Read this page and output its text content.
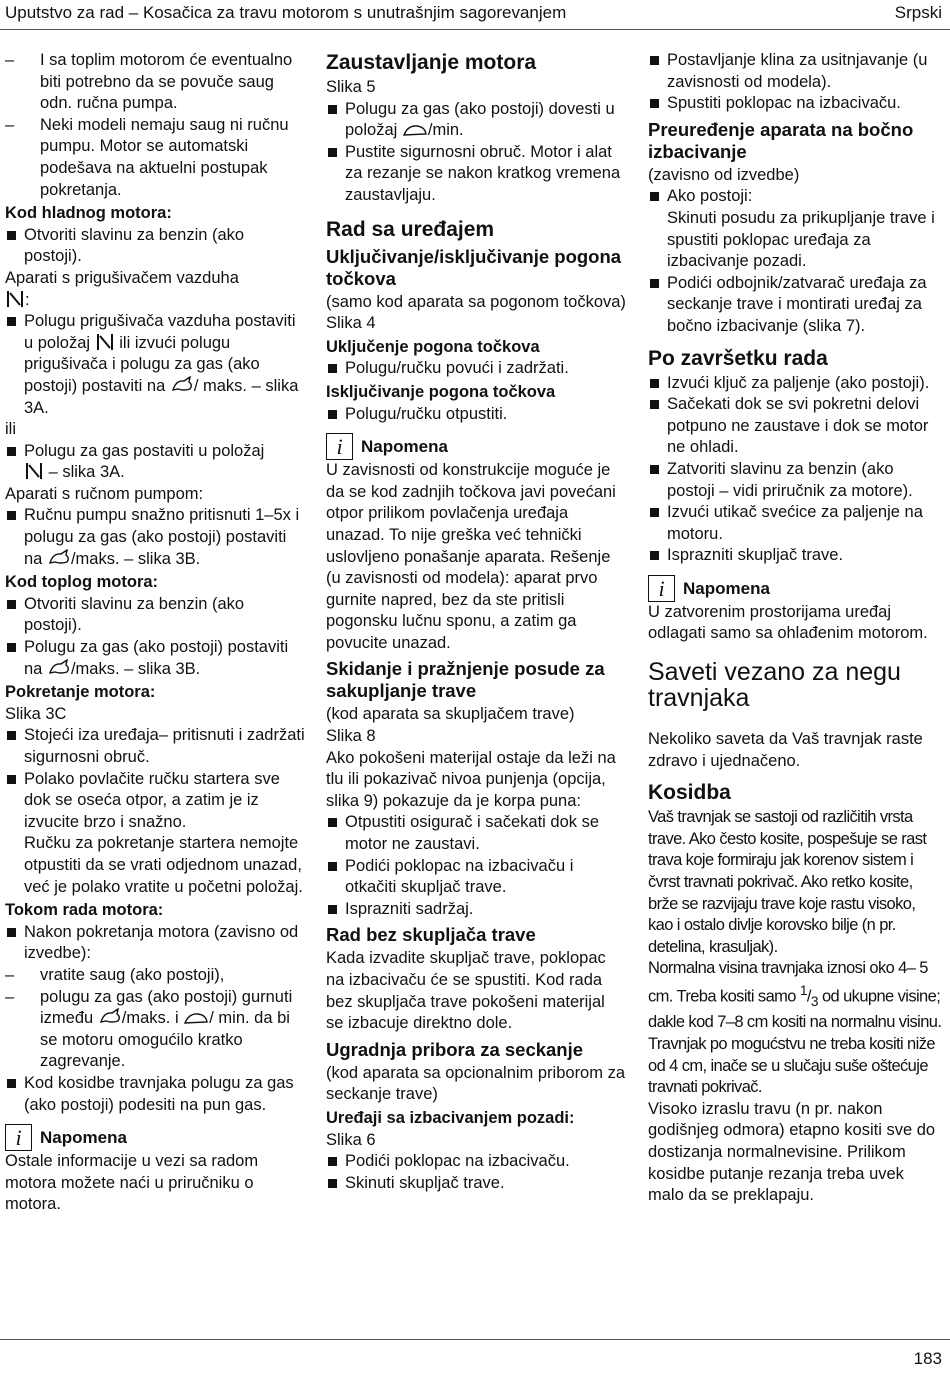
Uputstvo za rad – Kosačica za travu motorom s unutrašnjim sagorevanjem	Srpski

– I sa toplim motorom će eventualno biti potrebno da se povuče saug odn. ručna pumpa.

– Neki modeli nemaju saug ni ručnu pumpu. Motor se automatski podešava na aktuelni postupak pokretanja.

Kod hladnog motora:

Otvoriti slavinu za benzin (ako postoji).

Aparati s prigušivačem vazduha
:

Polugu prigušivača vazduha postaviti u položaj ili izvući polugu prigušivača i polugu za gas (ako postoji) postaviti na / maks. – slika 3A.

ili

Polugu za gas postaviti u položaj
– slika 3A.

Aparati s ručnom pumpom:

Ručnu pumpu snažno pritisnuti 1–5x i polugu za gas (ako postoji) postaviti na /maks. – slika 3B.

Kod toplog motora:

Otvoriti slavinu za benzin (ako postoji).

Polugu za gas (ako postoji) postaviti na /maks. – slika 3B.

Pokretanje motora:

Slika 3C

Stojeći iza uređaja– pritisnuti i zadržati sigurnosni obruč.

Polako povlačite ručku startera sve dok se oseća otpor, a zatim je iz izvucite brzo i snažno.

Ručku za pokretanje startera nemojte otpustiti da se vrati odjednom unazad, već je polako vratite u početni položaj.

Tokom rada motora:

Nakon pokretanja motora (zavisno od izvedbe):

– vratite saug (ako postoji),

– polugu za gas (ako postoji) gurnuti između /maks. i / min. da bi se motoru omogućilo kratko zagrevanje.

Kod kosidbe travnjaka polugu za gas (ako postoji) podesiti na pun gas.

i	Napomena

Ostale informacije u vezi sa radom motora možete naći u priručniku o motora.

Zaustavljanje motora

Slika 5

Polugu za gas (ako postoji) dovesti u položaj /min.

Pustite sigurnosni obruč. Motor i alat za rezanje se nakon kratkog vremena zaustavljaju.

Rad sa uređajem

Uključivanje/isključivanje pogona točkova

(samo kod aparata sa pogonom točkova)

Slika 4

Uključenje pogona točkova

Polugu/ručku povući i zadržati.

Isključivanje pogona točkova

Polugu/ručku otpustiti.

i	Napomena

U zavisnosti od konstrukcije moguće je da se kod zadnjih točkova javi povećani otpor prilikom povlačenja uređaja unazad. To nije greška već tehnički uslovljeno ponašanje aparata. Rešenje (u zavisnosti od modela): aparat prvo gurnite napred, bez da ste pritisli pogonsku lučnu sponu, a zatim ga povucite unazad.

Skidanje i pražnjenje posude za sakupljanje trave

(kod aparata sa skupljačem trave)

Slika 8

Ako pokošeni materijal ostaje da leži na tlu ili pokazivač nivoa punjenja (opcija, slika 9) pokazuje da je korpa puna:

Otpustiti osigurač i sačekati dok se motor ne zaustavi.

Podići poklopac na izbacivaču i otkačiti skupljač trave.

Isprazniti sadržaj.

Rad bez skupljača trave

Kada izvadite skupljač trave, poklopac na izbacivaču će se spustiti. Kod rada bez skupljača trave pokošeni materijal se izbacuje direktno dole.

Ugradnja pribora za seckanje

(kod aparata sa opcionalnim priborom za seckanje trave)

Uređaji sa izbacivanjem pozadi:

Slika 6

Podići poklopac na izbacivaču.

Skinuti skupljač trave.

Postavljanje klina za usitnjavanje (u zavisnosti od modela).

Spustiti poklopac na izbacivaču.

Preuređenje aparata na bočno izbacivanje

(zavisno od izvedbe)

Ako postoji:

Skinuti posudu za prikupljanje trave i spustiti poklopac uređaja za izbacivanje pozadi.

Podići odbojnik/zatvarač uređaja za seckanje trave i montirati uređaj za bočno izbacivanje (slika 7).

Po završetku rada

Izvući ključ za paljenje (ako postoji).

Sačekati dok se svi pokretni delovi potpuno ne zaustave i dok se motor ne ohladi.

Zatvoriti slavinu za benzin (ako postoji – vidi priručnik za motore).

Izvući utikač svećice za paljenje na motoru.

Isprazniti skupljač trave.

i	Napomena

U zatvorenim prostorijama uređaj odlagati samo sa ohlađenim motorom.

Saveti vezano za negu travnjaka

Nekoliko saveta da Vaš travnjak raste zdravo i ujednačeno.

Kosidba

Vaš travnjak se sastoji od različitih vrsta trave. Ako često kosite, pospešuje se rast trava koje formiraju jak korenov sistem i čvrst travnati pokrivač. Ako retko kosite, brže se razvijaju trave koje rastu visoko, kao i ostalo divlje korovsko bilje (n pr. detelina, krasuljak).

Normalna visina travnjaka iznosi oko 4– 5 cm. Treba kositi samo $^1/_3$ od ukupne visine; dakle kod 7–8 cm kositi na normalnu visinu.

Travnjak po mogućstvu ne treba kositi niže od 4 cm, inače se u slučaju suše oštećuje travnati pokrivač.

Visoko izraslu travu (n pr. nakon godišnjeg odmora) etapno kositi sve do dostizanja normalnevisine. Prilikom kosidbe putanje rezanja treba uvek malo da se preklapaju.

183
